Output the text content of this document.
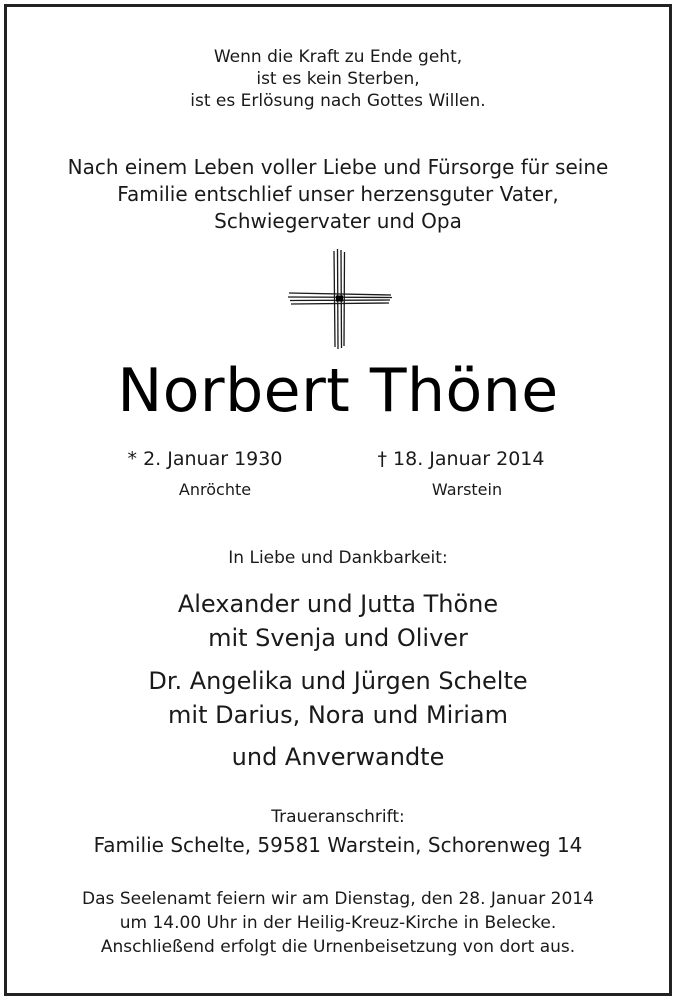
Wenn die Kraft zu Ende geht,
ist es kein Sterben,
ist es Erlösung nach Gottes Willen.
Nach einem Leben voller Liebe und Fürsorge für seine
Familie entschlief unser herzensguter Vater,
Schwiegervater und Opa
Norbert Thöne
* 2. Januar 1930	† 18. Januar 2014
Anröchte	Warstein
In Liebe und Dankbarkeit:
Alexander und Jutta Thöne
mit Svenja und Oliver
Dr. Angelika und Jürgen Schelte
mit Darius, Nora und Miriam
und Anverwandte
Traueranschrift:
Familie Schelte, 59581 Warstein, Schorenweg 14
Das Seelenamt feiern wir am Dienstag, den 28. Januar 2014
um 14.00 Uhr in der Heilig-Kreuz-Kirche in Belecke.
Anschließend erfolgt die Urnenbeisetzung von dort aus.
